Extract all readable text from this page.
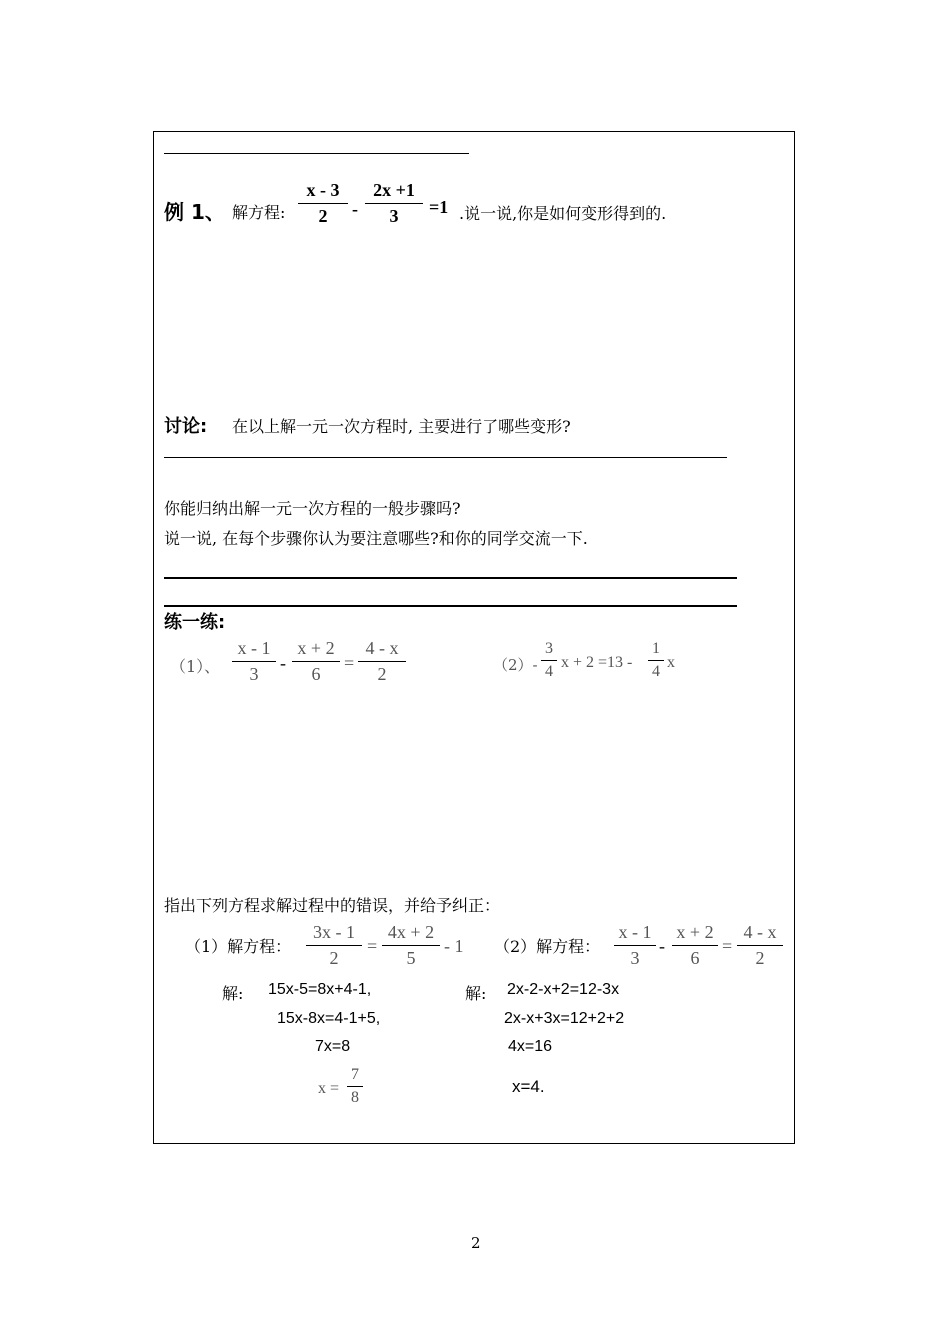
例 1、 解方程:
x - 3
2	-
2x +1
3	=1 .说一说,你是如何变形得到的.
讨论: 在以上解一元一次方程时, 主要进行了哪些变形?
你能归纳出解一元一次方程的一般步骤吗?
说一说, 在每个步骤你认为要注意哪些?和你的同学交流一下.
练一练:
（1）、
x - 1
3
-
x + 2
6
=
4 - x
2	（2）-
3
4
x + 2 =13 -
1
4
x
指出下列方程求解过程中的错误，并给予纠正：
（1）解方程：
3x - 1
2
=
4x + 2
5
- 1 （2）解方程：
x - 1
3
-
x + 2
6
=
4 - x
2
解: 15x-5=8x+4-1,
15x-8x=4-1+5,
7x=8
x =
7
8
解: 2x-2-x+2=12-3x
2x-x+3x=12+2+2
4x=16
x=4.
2
